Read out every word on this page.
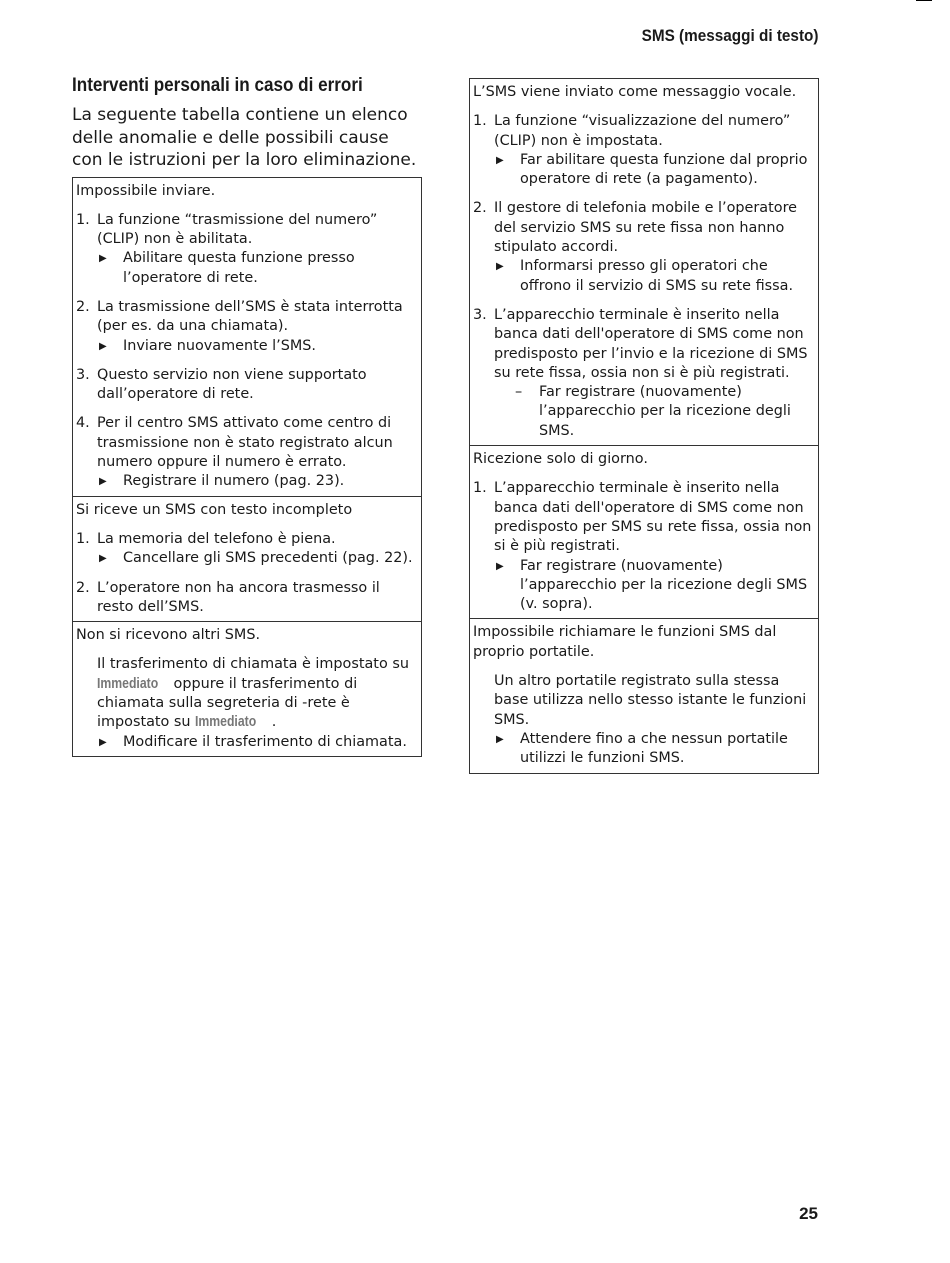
SMS (messaggi di testo)
Interventi personali in caso di errori

La seguente tabella contiene un elenco delle anomalie e delle possibili cause con le istruzioni per la loro eliminazione.

Impossibile inviare.
1. La funzione “trasmissione del numero” (CLIP) non è abilitata.
▶	Abilitare questa funzione presso l’operatore di rete.
2. La trasmissione dell’SMS è stata interrotta (per es. da una chiamata).
▶	Inviare nuovamente l’SMS.
3. Questo servizio non viene supportato dall’operatore di rete.
4. Per il centro SMS attivato come centro di trasmissione non è stato registrato alcun numero oppure il numero è errato.
▶	Registrare il numero (pag. 23).
Si riceve un SMS con testo incompleto
1. La memoria del telefono è piena.
▶	Cancellare gli SMS precedenti (pag. 22).
2. L’operatore non ha ancora trasmesso il resto dell’SMS.
Non si ricevono altri SMS.
Il trasferimento di chiamata è impostato su Immediato oppure il trasferimento di chiamata sulla segreteria di -rete è impostato su Immediato .
▶	Modificare il trasferimento di chiamata.
L’SMS viene inviato come messaggio vocale.
1. La funzione “visualizzazione del numero” (CLIP) non è impostata.
▶	Far abilitare questa funzione dal proprio operatore di rete (a pagamento).
2. Il gestore di telefonia mobile e l’operatore del servizio SMS su rete fissa non hanno stipulato accordi.
▶	Informarsi presso gli operatori che offrono il servizio di SMS su rete fissa.
3. L’apparecchio terminale è inserito nella banca dati dell'operatore di SMS come non predisposto per l’invio e la ricezione di SMS su rete fissa, ossia non si è più registrati.
–	Far registrare (nuovamente) l’apparecchio per la ricezione degli SMS.
Ricezione solo di giorno.
1. L’apparecchio terminale è inserito nella banca dati dell'operatore di SMS come non predisposto per SMS su rete fissa, ossia non si è più registrati.
▶	Far registrare (nuovamente) l’apparecchio per la ricezione degli SMS (v. sopra).
Impossibile richiamare le funzioni SMS dal proprio portatile.
Un altro portatile registrato sulla stessa base utilizza nello stesso istante le funzioni SMS.
▶	Attendere fino a che nessun portatile utilizzi le funzioni SMS.
25
